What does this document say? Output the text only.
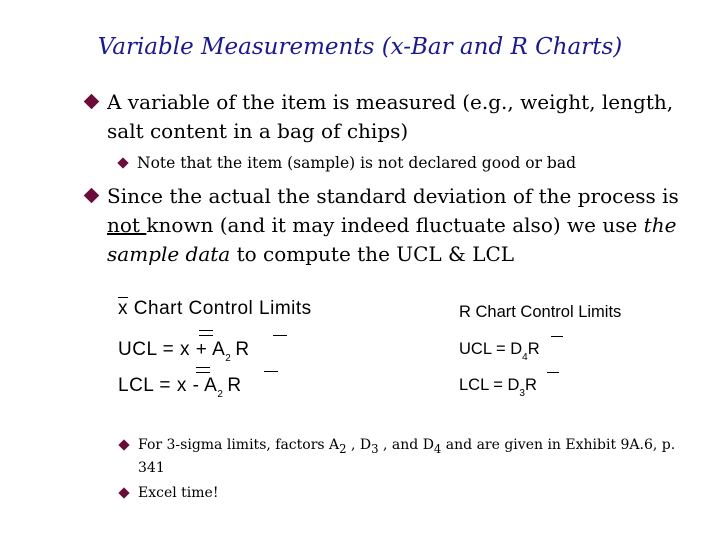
Variable Measurements (x-Bar and R Charts)
A variable of the item is measured (e.g., weight, length, salt content in a bag of chips)
Note that the item (sample) is not declared good or bad
Since the actual the standard deviation of the process is not known (and it may indeed fluctuate also) we use the sample data to compute the UCL & LCL
$\overline{x}$ Chart Control Limits
UCL = $x + A_2$ R
LCL = x - $A_2$ R
R Chart Control Limits
UCL = $D_4R$
LCL = $D_3R$
For 3-sigma limits, factors $A_2$ , $D_3$ , and $D_4$ and are given in Exhibit 9A.6, p. 341
Excel time!
